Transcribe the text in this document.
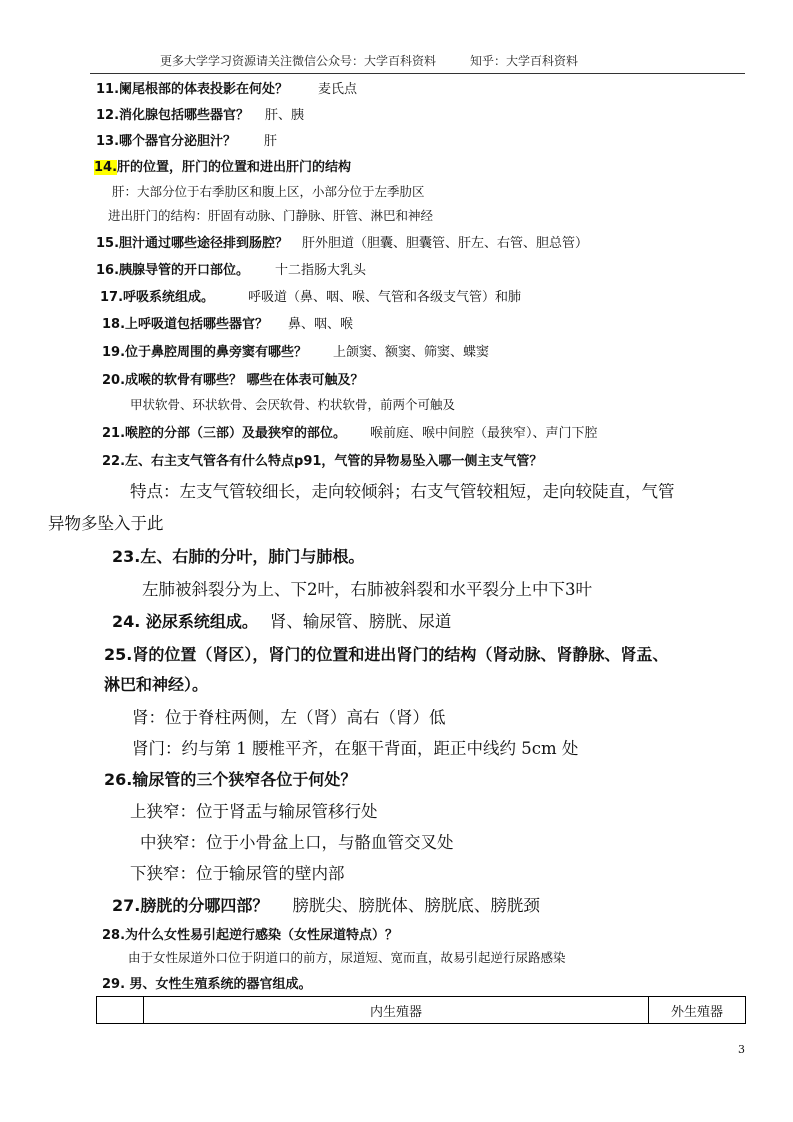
更多大学学习资源请关注微信公众号：大学百科资料	知乎：大学百科资料
11.阑尾根部的体表投影在何处？ 麦氏点
12.消化腺包括哪些器官？ 肝、胰
13.哪个器官分泌胆汁？ 肝
14.肝的位置，肝门的位置和进出肝门的结构
肝：大部分位于右季肋区和腹上区，小部分位于左季肋区
进出肝门的结构：肝固有动脉、门静脉、肝管、淋巴和神经
15.胆汁通过哪些途径排到肠腔？ 肝外胆道（胆囊、胆囊管、肝左、右管、胆总管）
16.胰腺导管的开口部位。 十二指肠大乳头
17.呼吸系统组成。	呼吸道（鼻、咽、喉、气管和各级支气管）和肺
18.上呼吸道包括哪些器官？ 鼻、咽、喉
19.位于鼻腔周围的鼻旁窦有哪些？ 上颌窦、额窦、筛窦、蝶窦
20.成喉的软骨有哪些？ 哪些在体表可触及？
甲状软骨、环状软骨、会厌软骨、杓状软骨，前两个可触及
21.喉腔的分部（三部）及最狭窄的部位。 喉前庭、喉中间腔（最狭窄）、声门下腔
22.左、右主支气管各有什么特点p91，气管的异物易坠入哪一侧主支气管？
特点：左支气管较细长，走向较倾斜；右支气管较粗短，走向较陡直，气管
异物多坠入于此
23.左、右肺的分叶，肺门与肺根。
左肺被斜裂分为上、下2叶，右肺被斜裂和水平裂分上中下3叶
24. 泌尿系统组成。 肾、输尿管、膀胱、尿道
25.肾的位置（肾区），肾门的位置和进出肾门的结构（肾动脉、肾静脉、肾盂、
淋巴和神经）。
肾：位于脊柱两侧，左（肾）高右（肾）低
肾门：约与第 1 腰椎平齐，在躯干背面，距正中线约 5cm 处
26.输尿管的三个狭窄各位于何处？
上狭窄：位于肾盂与输尿管移行处
中狭窄：位于小骨盆上口，与骼血管交叉处
下狭窄：位于输尿管的壁内部
27.膀胱的分哪四部？ 膀胱尖、膀胱体、膀胱底、膀胱颈
28.为什么女性易引起逆行感染（女性尿道特点）？
由于女性尿道外口位于阴道口的前方，尿道短、宽而直，故易引起逆行尿路感染
29. 男、女性生殖系统的器官组成。
	内生殖器	外生殖器
3
